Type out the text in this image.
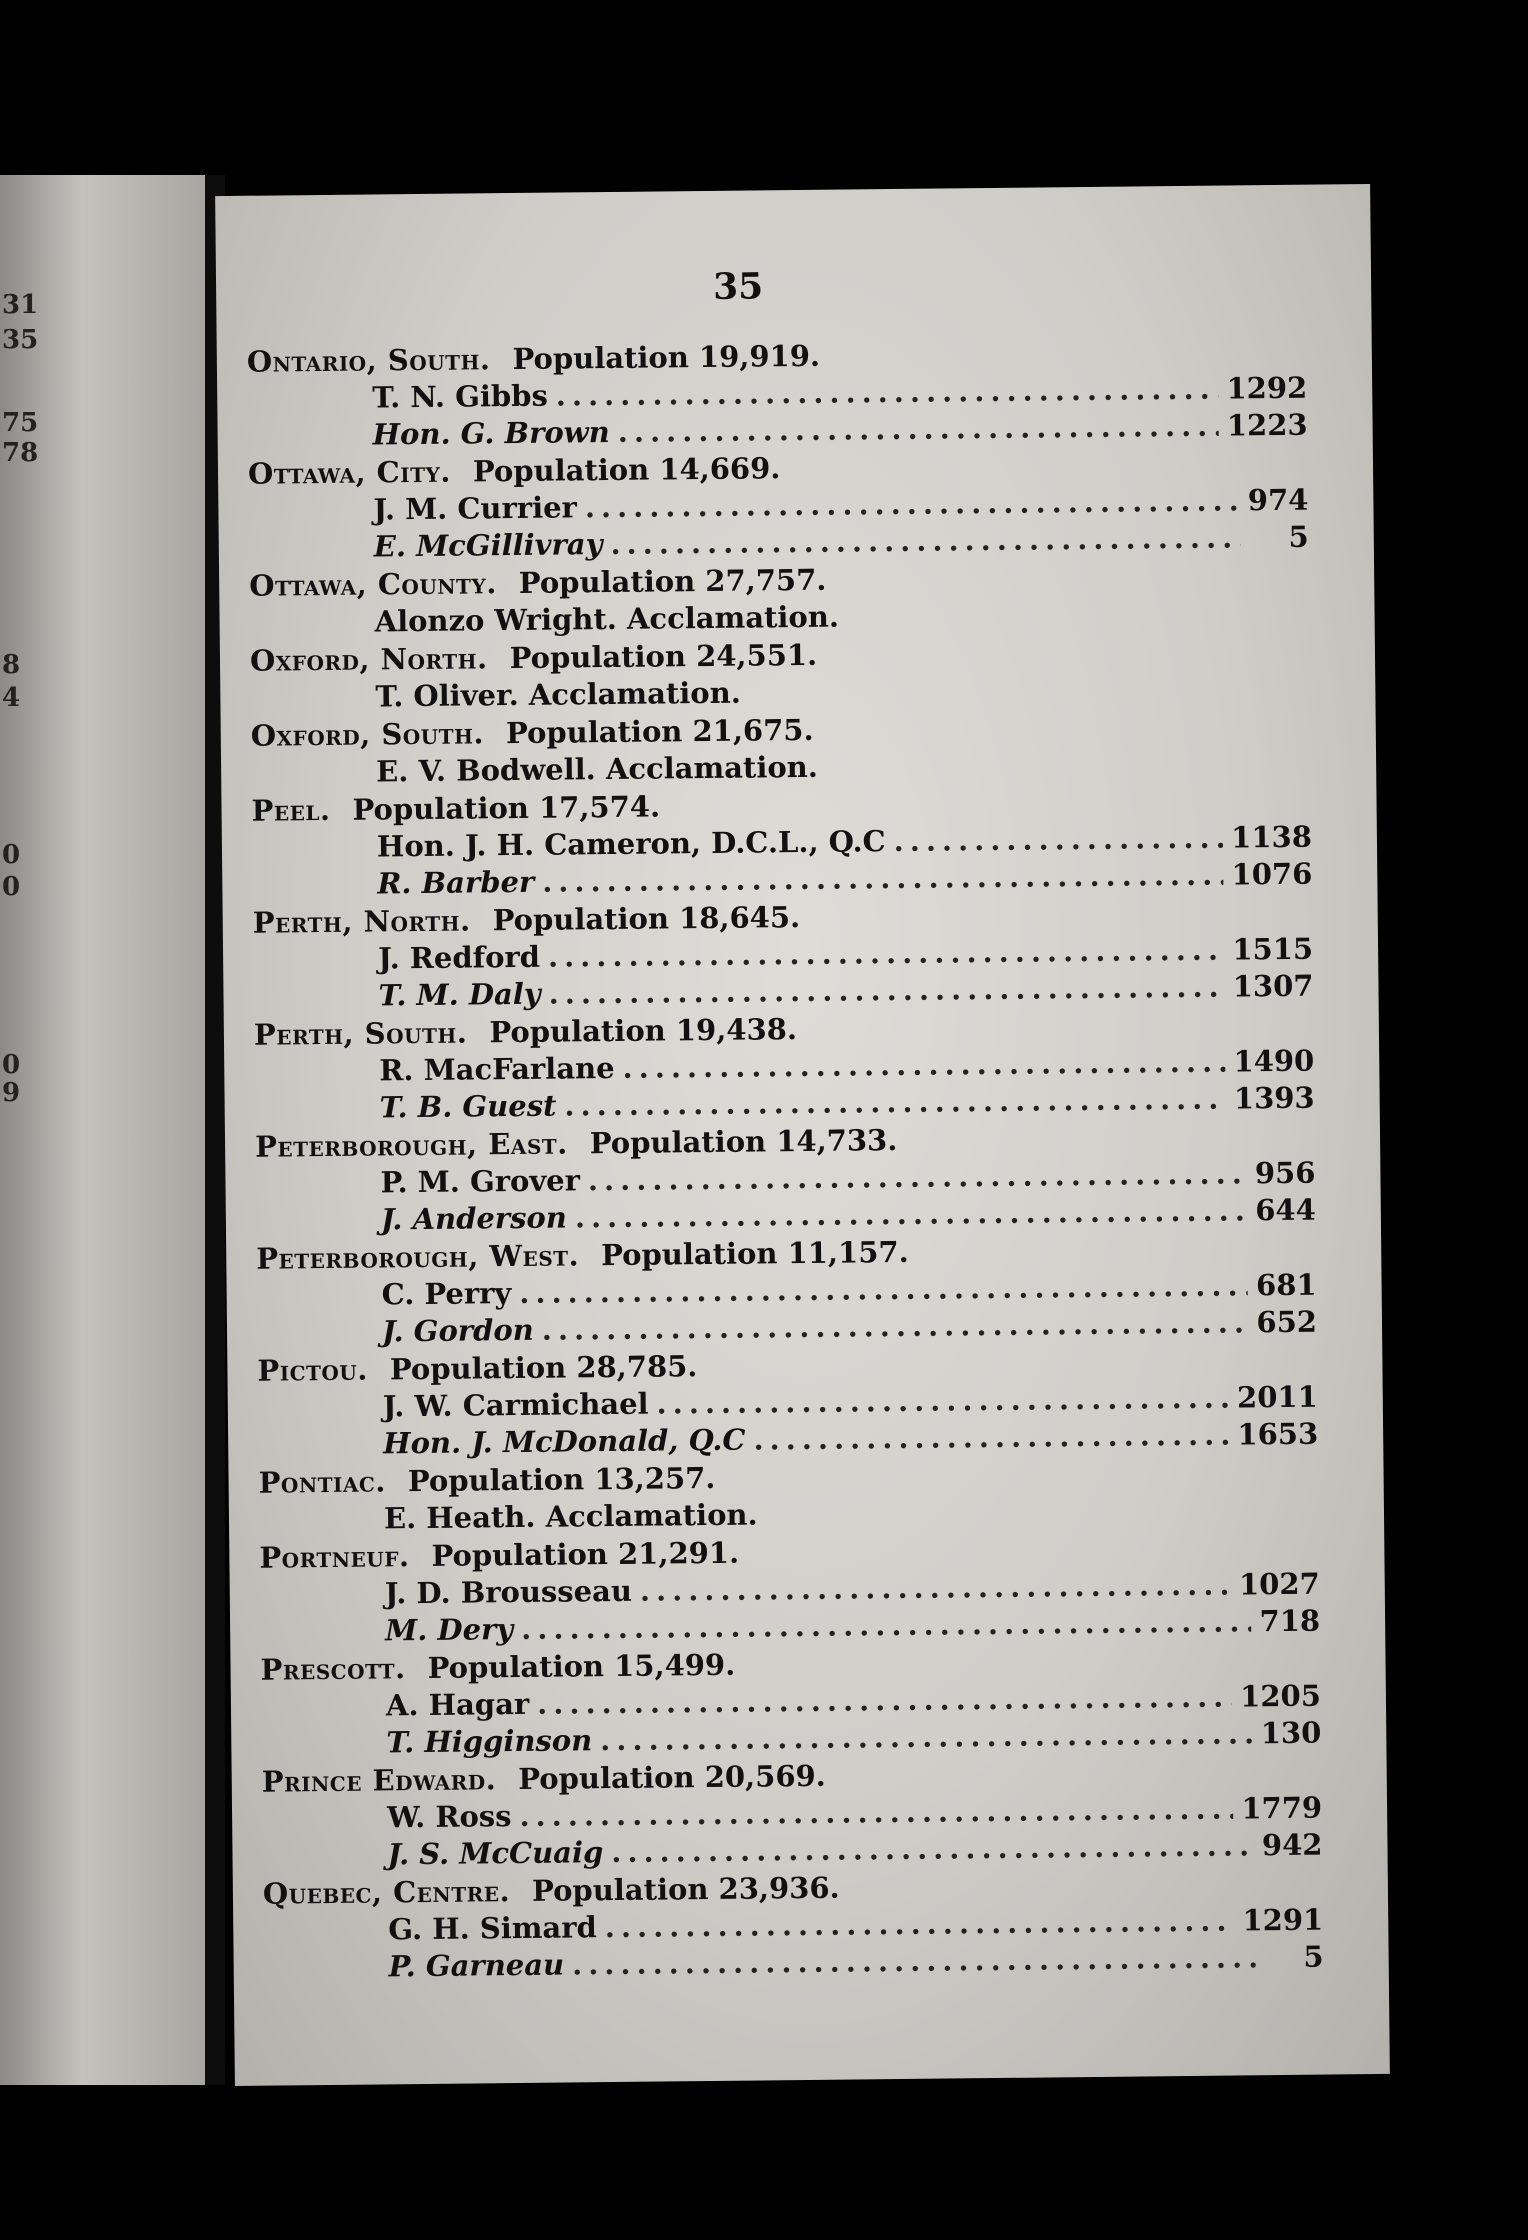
31
35
75
78
8
4
0
0
0
9
35
Ontario, South. Population 19,919.
T. N. Gibbs .....	1292
Hon. G. Brown .....	1223
Ottawa, City. Population 14,669.
J. M. Currier .....	974
E. McGillivray .....	5
Ottawa, County. Population 27,757.
Alonzo Wright. Acclamation.
Oxford, North. Population 24,551.
T. Oliver. Acclamation.
Oxford, South. Population 21,675.
E. V. Bodwell. Acclamation.
Peel. Population 17,574.
Hon. J. H. Cameron, D.C.L., Q.C .....	1138
R. Barber .....	1076
Perth, North. Population 18,645.
J. Redford .....	1515
T. M. Daly .....	1307
Perth, South. Population 19,438.
R. MacFarlane .....	1490
T. B. Guest .....	1393
Peterborough, East. Population 14,733.
P. M. Grover .....	956
J. Anderson .....	644
Peterborough, West. Population 11,157.
C. Perry .....	681
J. Gordon .....	652
Pictou. Population 28,785.
J. W. Carmichael .....	2011
Hon. J. McDonald, Q.C .....	1653
Pontiac. Population 13,257.
E. Heath. Acclamation.
Portneuf. Population 21,291.
J. D. Brousseau .....	1027
M. Dery .....	718
Prescott. Population 15,499.
A. Hagar .....	1205
T. Higginson .....	130
Prince Edward. Population 20,569.
W. Ross .....	1779
J. S. McCuaig .....	942
Quebec, Centre. Population 23,936.
G. H. Simard .....	1291
P. Garneau .....	5
